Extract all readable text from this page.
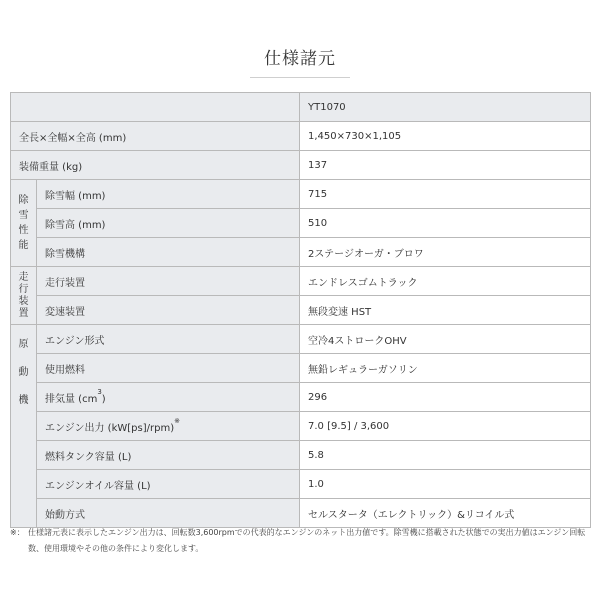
仕様諸元
		YT1070
全長×全幅×全高 (mm)		1,450×730×1,105
装備重量 (kg)		137

除
雪
性
能	除雪幅 (mm)	715
	除雪高 (mm)	510
	除雪機構	2ステージオーガ・ブロワ

走
行
装
置	走行装置	エンドレスゴムトラック
	変速装置	無段変速 HST

原
動
機	エンジン形式	空冷4ストロークOHV
	使用燃料	無鉛レギュラーガソリン
	排気量 $(cm^3)$	296
	エンジン出力 (kW[ps]/rpm)※	7.0 [9.5] / 3,600
	燃料タンク容量 (L)	5.8
	エンジンオイル容量 (L)	1.0
	始動方式	セルスタータ（エレクトリック）&リコイル式
※： 仕様諸元表に表示したエンジン出力は、回転数3,600rpmでの代表的なエンジンのネット出力値です。除雪機に搭載された状態での実出力値はエンジン回転数、使用環境やその他の条件により変化します。
